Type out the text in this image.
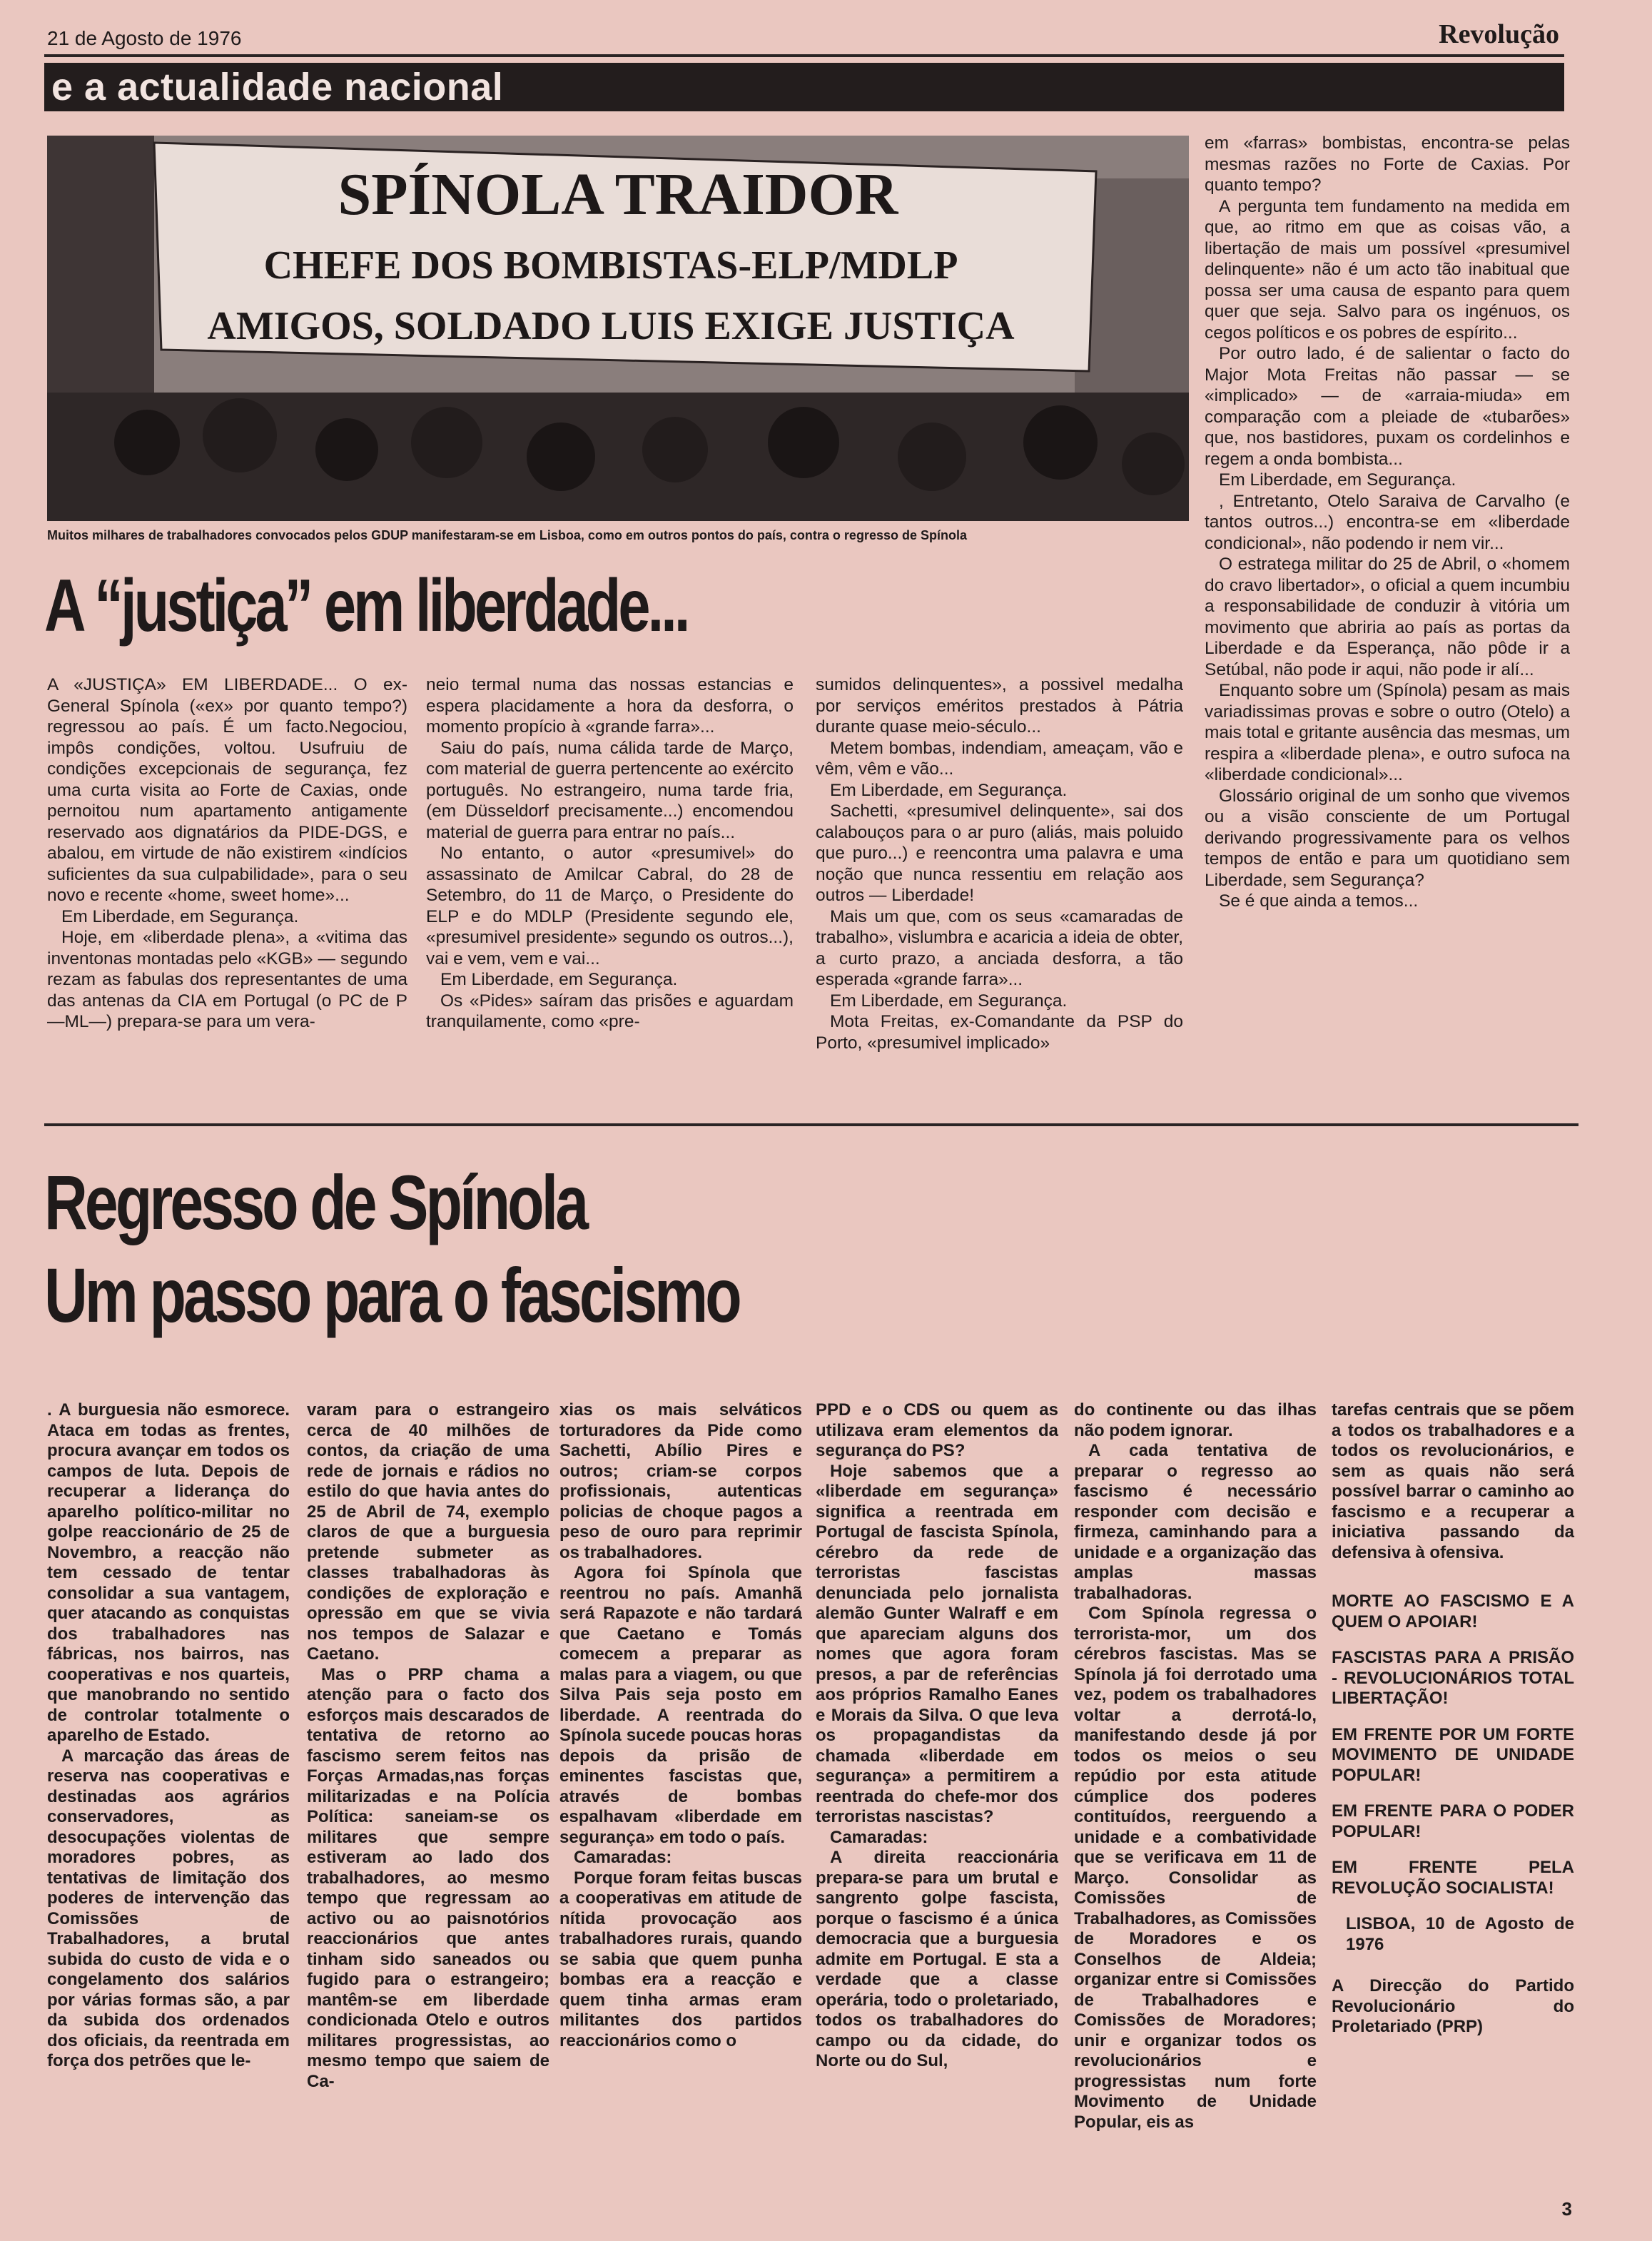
21 de Agosto de 1976	Revolução
e a actualidade nacional
SPÍNOLA TRAIDOR
CHEFE DOS BOMBISTAS-ELP/MDLP
AMIGOS, SOLDADO LUIS EXIGE JUSTIÇA
Muitos milhares de trabalhadores convocados pelos GDUP manifestaram-se em Lisboa, como em outros pontos do país, contra o regresso de Spínola
A “justiça” em liberdade...

A «JUSTIÇA» EM LIBERDADE... O ex-General Spínola («ex» por quanto tempo?) regressou ao país. É um facto.Negociou, impôs condições, voltou. Usufruiu de condições excepcionais de segurança, fez uma curta visita ao Forte de Caxias, onde pernoitou num apartamento antigamente reservado aos dignatários da PIDE-DGS, e abalou, em virtude de não existirem «indícios suficientes da sua culpabilidade», para o seu novo e recente «home, sweet home»...

Em Liberdade, em Segurança.

Hoje, em «liberdade plena», a «vitima das inventonas montadas pelo «KGB» — segundo rezam as fabulas dos representantes de uma das antenas da CIA em Portugal (o PC de P —ML—) prepara-se para um vera-

neio termal numa das nossas estancias e espera placidamente a hora da desforra, o momento propício à «grande farra»...

Saiu do país, numa cálida tarde de Março, com material de guerra pertencente ao exército português. No estrangeiro, numa tarde fria, (em Düsseldorf precisamente...) encomendou material de guerra para entrar no país...

No entanto, o autor «presumivel» do assassinato de Amilcar Cabral, do 28 de Setembro, do 11 de Março, o Presidente do ELP e do MDLP (Presidente segundo ele, «presumivel presidente» segundo os outros...), vai e vem, vem e vai...

Em Liberdade, em Segurança.

Os «Pides» saíram das prisões e aguardam tranquilamente, como «pre-

sumidos delinquentes», a possivel medalha por serviços eméritos prestados à Pátria durante quase meio-século...

Metem bombas, indendiam, ameaçam, vão e vêm, vêm e vão...

Em Liberdade, em Segurança.

Sachetti, «presumivel delinquente», sai dos calabouços para o ar puro (aliás, mais poluido que puro...) e reencontra uma palavra e uma noção que nunca ressentiu em relação aos outros — Liberdade!

Mais um que, com os seus «camaradas de trabalho», vislumbra e acaricia a ideia de obter, a curto prazo, a anciada desforra, a tão esperada «grande farra»...

Em Liberdade, em Segurança.

Mota Freitas, ex-Comandante da PSP do Porto, «presumivel implicado»

em «farras» bombistas, encontra-se pelas mesmas razões no Forte de Caxias. Por quanto tempo?

A pergunta tem fundamento na medida em que, ao ritmo em que as coisas vão, a libertação de mais um possível «presumivel delinquente» não é um acto tão inabitual que possa ser uma causa de espanto para quem quer que seja. Salvo para os ingénuos, os cegos políticos e os pobres de espírito...

Por outro lado, é de salientar o facto do Major Mota Freitas não passar — se «implicado» — de «arraia-miuda» em comparação com a pleiade de «tubarões» que, nos bastidores, puxam os cordelinhos e regem a onda bombista...

Em Liberdade, em Segurança.

, Entretanto, Otelo Saraiva de Carvalho (e tantos outros...) encontra-se em «liberdade condicional», não podendo ir nem vir...

O estratega militar do 25 de Abril, o «homem do cravo libertador», o oficial a quem incumbiu a responsabilidade de conduzir à vitória um movimento que abriria ao país as portas da Liberdade e da Esperança, não pôde ir a Setúbal, não pode ir aqui, não pode ir alí...

Enquanto sobre um (Spínola) pesam as mais variadissimas provas e sobre o outro (Otelo) a mais total e gritante ausência das mesmas, um respira a «liberdade plena», e outro sufoca na «liberdade condicional»...

Glossário original de um sonho que vivemos ou a visão consciente de um Portugal derivando progressivamente para os velhos tempos de então e para um quotidiano sem Liberdade, sem Segurança?

Se é que ainda a temos...

Regresso de Spínola
Um passo para o fascismo

. A burguesia não esmorece. Ataca em todas as frentes, procura avançar em todos os campos de luta. Depois de recuperar a liderança do aparelho político-militar no golpe reaccionário de 25 de Novembro, a reacção não tem cessado de tentar consolidar a sua vantagem, quer atacando as conquistas dos trabalhadores nas fábricas, nos bairros, nas cooperativas e nos quarteis, que manobrando no sentido de controlar totalmente o aparelho de Estado.

A marcação das áreas de reserva nas cooperativas e destinadas aos agrários conservadores, as desocupações violentas de moradores pobres, as tentativas de limitação dos poderes de intervenção das Comissões de Trabalhadores, a brutal subida do custo de vida e o congelamento dos salários por várias formas são, a par da subida dos ordenados dos oficiais, da reentrada em força dos petrões que le-

varam para o estrangeiro cerca de 40 milhões de contos, da criação de uma rede de jornais e rádios no estilo do que havia antes do 25 de Abril de 74, exemplo claros de que a burguesia pretende submeter as classes trabalhadoras às condições de exploração e opressão em que se vivia nos tempos de Salazar e Caetano.

Mas o PRP chama a atenção para o facto dos esforços mais descarados de tentativa de retorno ao fascismo serem feitos nas Forças Armadas,nas forças militarizadas e na Polícia Política: saneiam-se os militares que sempre estiveram ao lado dos trabalhadores, ao mesmo tempo que regressam ao activo ou ao paisnotórios reaccionários que antes tinham sido saneados ou fugido para o estrangeiro; mantêm-se em liberdade condicionada Otelo e outros militares progressistas, ao mesmo tempo que saiem de Ca-

xias os mais selváticos torturadores da Pide como Sachetti, Abílio Pires e outros; criam-se corpos profissionais, autenticas policias de choque pagos a peso de ouro para reprimir os trabalhadores.

Agora foi Spínola que reentrou no país. Amanhã será Rapazote e não tardará que Caetano e Tomás comecem a preparar as malas para a viagem, ou que Silva Pais seja posto em liberdade. A reentrada do Spínola sucede poucas horas depois da prisão de eminentes fascistas que, através de bombas espalhavam «liberdade em segurança» em todo o país.

Camaradas:

Porque foram feitas buscas a cooperativas em atitude de nítida provocação aos trabalhadores rurais, quando se sabia que quem punha bombas era a reacção e quem tinha armas eram militantes dos partidos reaccionários como o

PPD e o CDS ou quem as utilizava eram elementos da segurança do PS?

Hoje sabemos que a «liberdade em segurança» significa a reentrada em Portugal de fascista Spínola, cérebro da rede de terroristas fascistas denunciada pelo jornalista alemão Gunter Walraff e em que apareciam alguns dos nomes que agora foram presos, a par de referências aos próprios Ramalho Eanes e Morais da Silva. O que leva os propagandistas da chamada «liberdade em segurança» a permitirem a reentrada do chefe-mor dos terroristas nascistas?

Camaradas:

A direita reaccionária prepara-se para um brutal e sangrento golpe fascista, porque o fascismo é a única democracia que a burguesia admite em Portugal. E sta a verdade que a classe operária, todo o proletariado, todos os trabalhadores do campo ou da cidade, do Norte ou do Sul,

do continente ou das ilhas não podem ignorar.

A cada tentativa de preparar o regresso ao fascismo é necessário responder com decisão e firmeza, caminhando para a unidade e a organização das amplas massas trabalhadoras.

Com Spínola regressa o terrorista-mor, um dos cérebros fascistas. Mas se Spínola já foi derrotado uma vez, podem os trabalhadores voltar a derrotá-lo, manifestando desde já por todos os meios o seu repúdio por esta atitude cúmplice dos poderes contituídos, reerguendo a unidade e a combatividade que se verificava em 11 de Março. Consolidar as Comissões de Trabalhadores, as Comissões de Moradores e os Conselhos de Aldeia; organizar entre si Comissões de Trabalhadores e Comissões de Moradores; unir e organizar todos os revolucionários e progressistas num forte Movimento de Unidade Popular, eis as

tarefas centrais que se põem a todos os trabalhadores e a todos os revolucionários, e sem as quais não será possível barrar o caminho ao fascismo e a recuperar a iniciativa passando da defensiva à ofensiva.

MORTE AO FASCISMO E A QUEM O APOIAR!

FASCISTAS PARA A PRISÃO - REVOLUCIONÁRIOS TOTAL LIBERTAÇÃO!

EM FRENTE POR UM FORTE MOVIMENTO DE UNIDADE POPULAR!

EM FRENTE PARA O PODER POPULAR!

EM FRENTE PELA REVOLUÇÃO SOCIALISTA!

LISBOA, 10 de Agosto de 1976

A Direcção do Partido Revolucionário do Proletariado (PRP)

3
